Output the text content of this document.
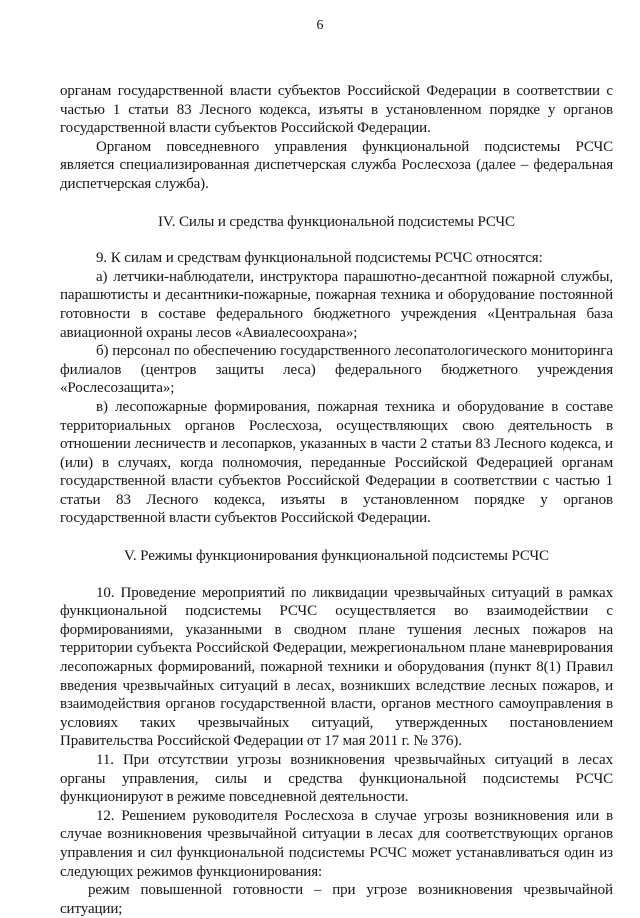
6

органам государственной власти субъектов Российской Федерации в соответствии с частью 1 статьи 83 Лесного кодекса, изъяты в установленном порядке у органов государственной власти субъектов Российской Федерации.

Органом повседневного управления функциональной подсистемы РСЧС является специализированная диспетчерская служба Рослесхоза (далее – федеральная диспетчерская служба).

IV. Силы и средства функциональной подсистемы РСЧС

9. К силам и средствам функциональной подсистемы РСЧС относятся:

а) летчики-наблюдатели, инструктора парашютно-десантной пожарной службы, парашютисты и десантники-пожарные, пожарная техника и оборудование постоянной готовности в составе федерального бюджетного учреждения «Центральная база авиационной охраны лесов «Авиалесоохрана»;

б) персонал по обеспечению государственного лесопатологического мониторинга филиалов (центров защиты леса) федерального бюджетного учреждения «Рослесозащита»;

в) лесопожарные формирования, пожарная техника и оборудование в составе территориальных органов Рослесхоза, осуществляющих свою деятельность в отношении лесничеств и лесопарков, указанных в части 2 статьи 83 Лесного кодекса, и (или) в случаях, когда полномочия, переданные Российской Федерацией органам государственной власти субъектов Российской Федерации в соответствии с частью 1 статьи 83 Лесного кодекса, изъяты в установленном порядке у органов государственной власти субъектов Российской Федерации.

V. Режимы функционирования функциональной подсистемы РСЧС

10. Проведение мероприятий по ликвидации чрезвычайных ситуаций в рамках функциональной подсистемы РСЧС осуществляется во взаимодействии с формированиями, указанными в сводном плане тушения лесных пожаров на территории субъекта Российской Федерации, межрегиональном плане маневрирования лесопожарных формирований, пожарной техники и оборудования (пункт 8(1) Правил введения чрезвычайных ситуаций в лесах, возникших вследствие лесных пожаров, и взаимодействия органов государственной власти, органов местного самоуправления в условиях таких чрезвычайных ситуаций, утвержденных постановлением Правительства Российской Федерации от 17 мая 2011 г. № 376).

11. При отсутствии угрозы возникновения чрезвычайных ситуаций в лесах органы управления, силы и средства функциональной подсистемы РСЧС функционируют в режиме повседневной деятельности.

12. Решением руководителя Рослесхоза в случае угрозы возникновения или в случае возникновения чрезвычайной ситуации в лесах для соответствующих органов управления и сил функциональной подсистемы РСЧС может устанавливаться один из следующих режимов функционирования:

режим повышенной готовности – при угрозе возникновения чрезвычайной ситуации;
